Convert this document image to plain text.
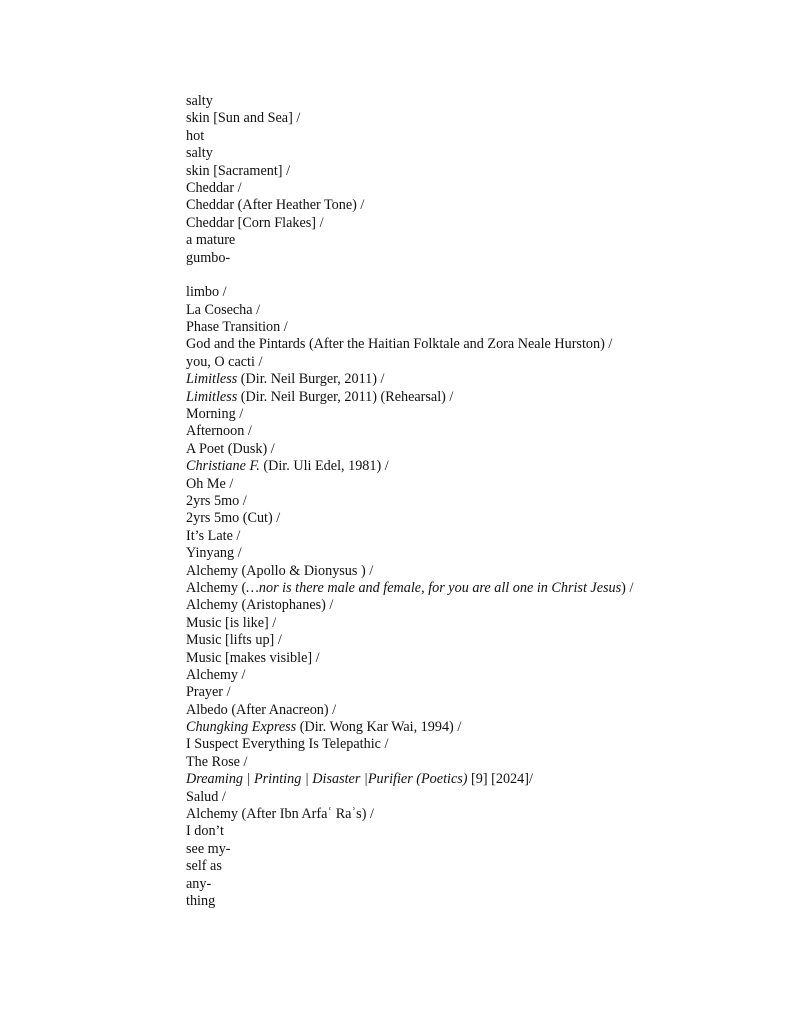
salty
skin [Sun and Sea] /
hot
salty
skin [Sacrament] /
Cheddar /
Cheddar (After Heather Tone) /
Cheddar [Corn Flakes] /
a mature
gumbo-
limbo /
La Cosecha /
Phase Transition /
God and the Pintards (After the Haitian Folktale and Zora Neale Hurston) /
you, O cacti /
Limitless (Dir. Neil Burger, 2011) /
Limitless (Dir. Neil Burger, 2011) (Rehearsal) /
Morning /
Afternoon /
A Poet (Dusk) /
Christiane F. (Dir. Uli Edel, 1981) /
Oh Me /
2yrs 5mo /
2yrs 5mo (Cut) /
It’s Late /
Yinyang /
Alchemy (Apollo & Dionysus ) /
Alchemy (…nor is there male and female, for you are all one in Christ Jesus) /
Alchemy (Aristophanes) /
Music [is like] /
Music [lifts up] /
Music [makes visible] /
Alchemy /
Prayer /
Albedo (After Anacreon) /
Chungking Express (Dir. Wong Kar Wai, 1994) /
I Suspect Everything Is Telepathic /
The Rose /
Dreaming | Printing | Disaster |Purifier (Poetics) [9] [2024]/
Salud /
Alchemy (After Ibn Arfaʿ Raʾs) /
I don’t
see my-
self as
any-
thing
